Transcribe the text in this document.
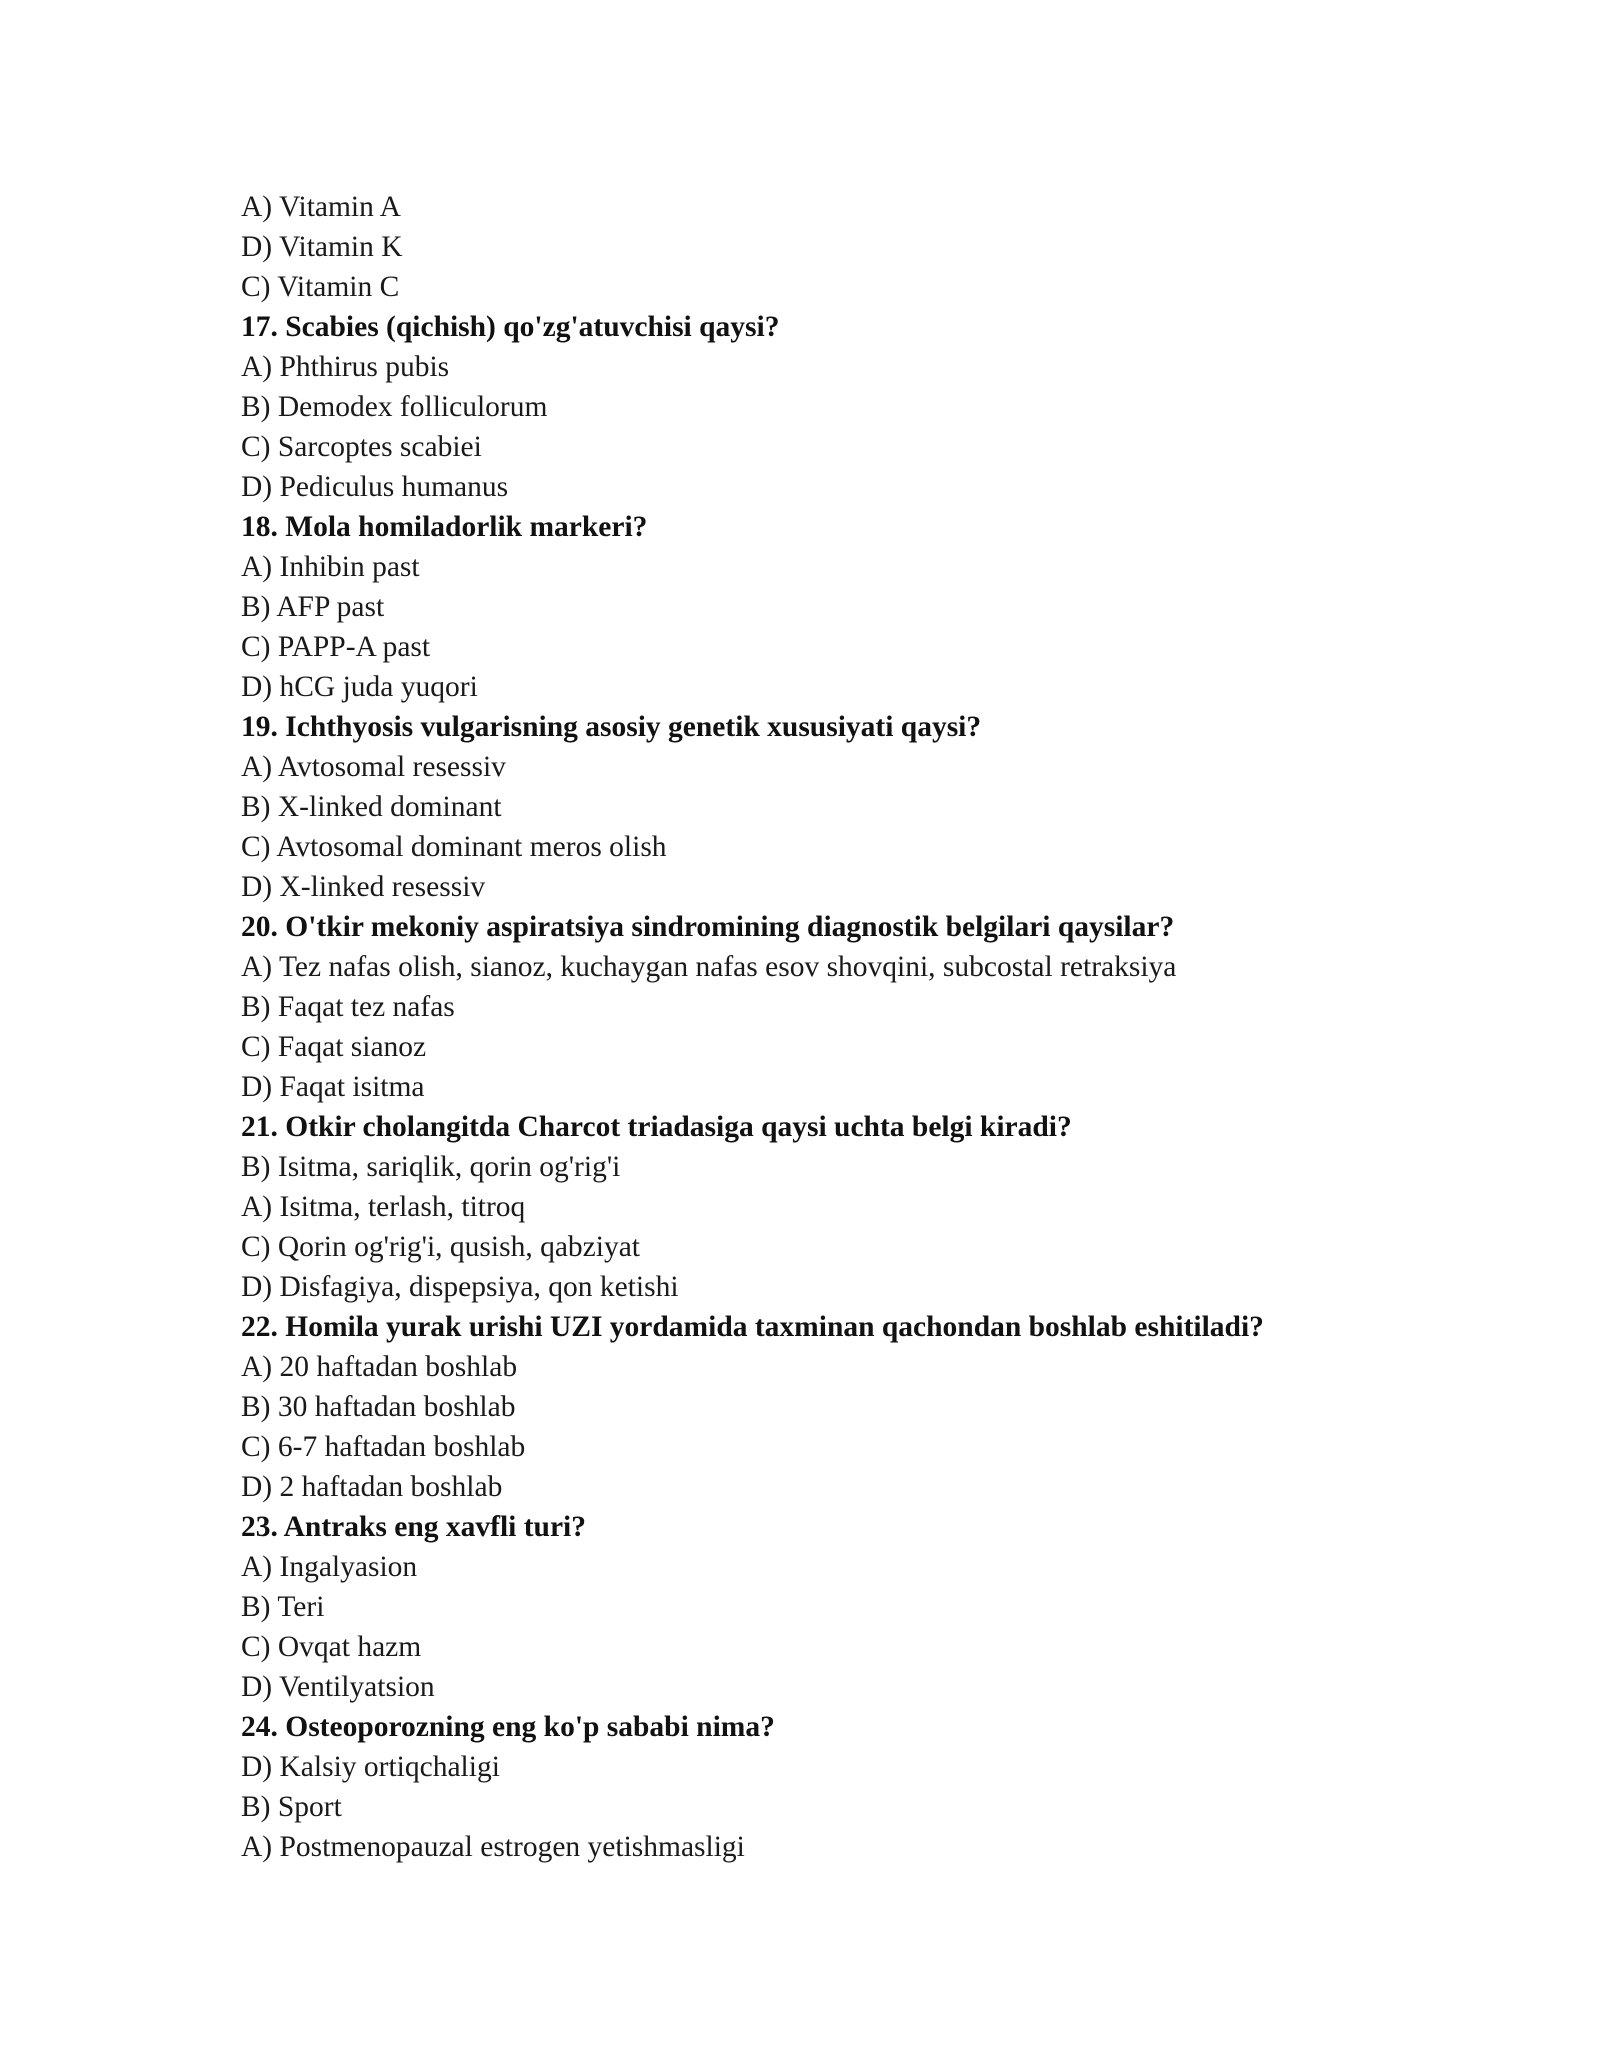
A) Vitamin A
D) Vitamin K
C) Vitamin C
17. Scabies (qichish) qo'zg'atuvchisi qaysi?
A) Phthirus pubis
B) Demodex folliculorum
C) Sarcoptes scabiei
D) Pediculus humanus
18. Mola homiladorlik markeri?
A) Inhibin past
B) AFP past
C) PAPP-A past
D) hCG juda yuqori
19. Ichthyosis vulgarisning asosiy genetik xususiyati qaysi?
A) Avtosomal resessiv
B) X-linked dominant
C) Avtosomal dominant meros olish
D) X-linked resessiv
20. O'tkir mekoniy aspiratsiya sindromining diagnostik belgilari qaysilar?
A) Tez nafas olish, sianoz, kuchaygan nafas esov shovqini, subcostal retraksiya
B) Faqat tez nafas
C) Faqat sianoz
D) Faqat isitma
21. Otkir cholangitda Charcot triadasiga qaysi uchta belgi kiradi?
B) Isitma, sariqlik, qorin og'rig'i
A) Isitma, terlash, titroq
C) Qorin og'rig'i, qusish, qabziyat
D) Disfagiya, dispepsiya, qon ketishi
22. Homila yurak urishi UZI yordamida taxminan qachondan boshlab eshitiladi?
A) 20 haftadan boshlab
B) 30 haftadan boshlab
C) 6-7 haftadan boshlab
D) 2 haftadan boshlab
23. Antraks eng xavfli turi?
A) Ingalyasion
B) Teri
C) Ovqat hazm
D) Ventilyatsion
24. Osteoporozning eng ko'p sababi nima?
D) Kalsiy ortiqchaligi
B) Sport
A) Postmenopauzal estrogen yetishmasligi
